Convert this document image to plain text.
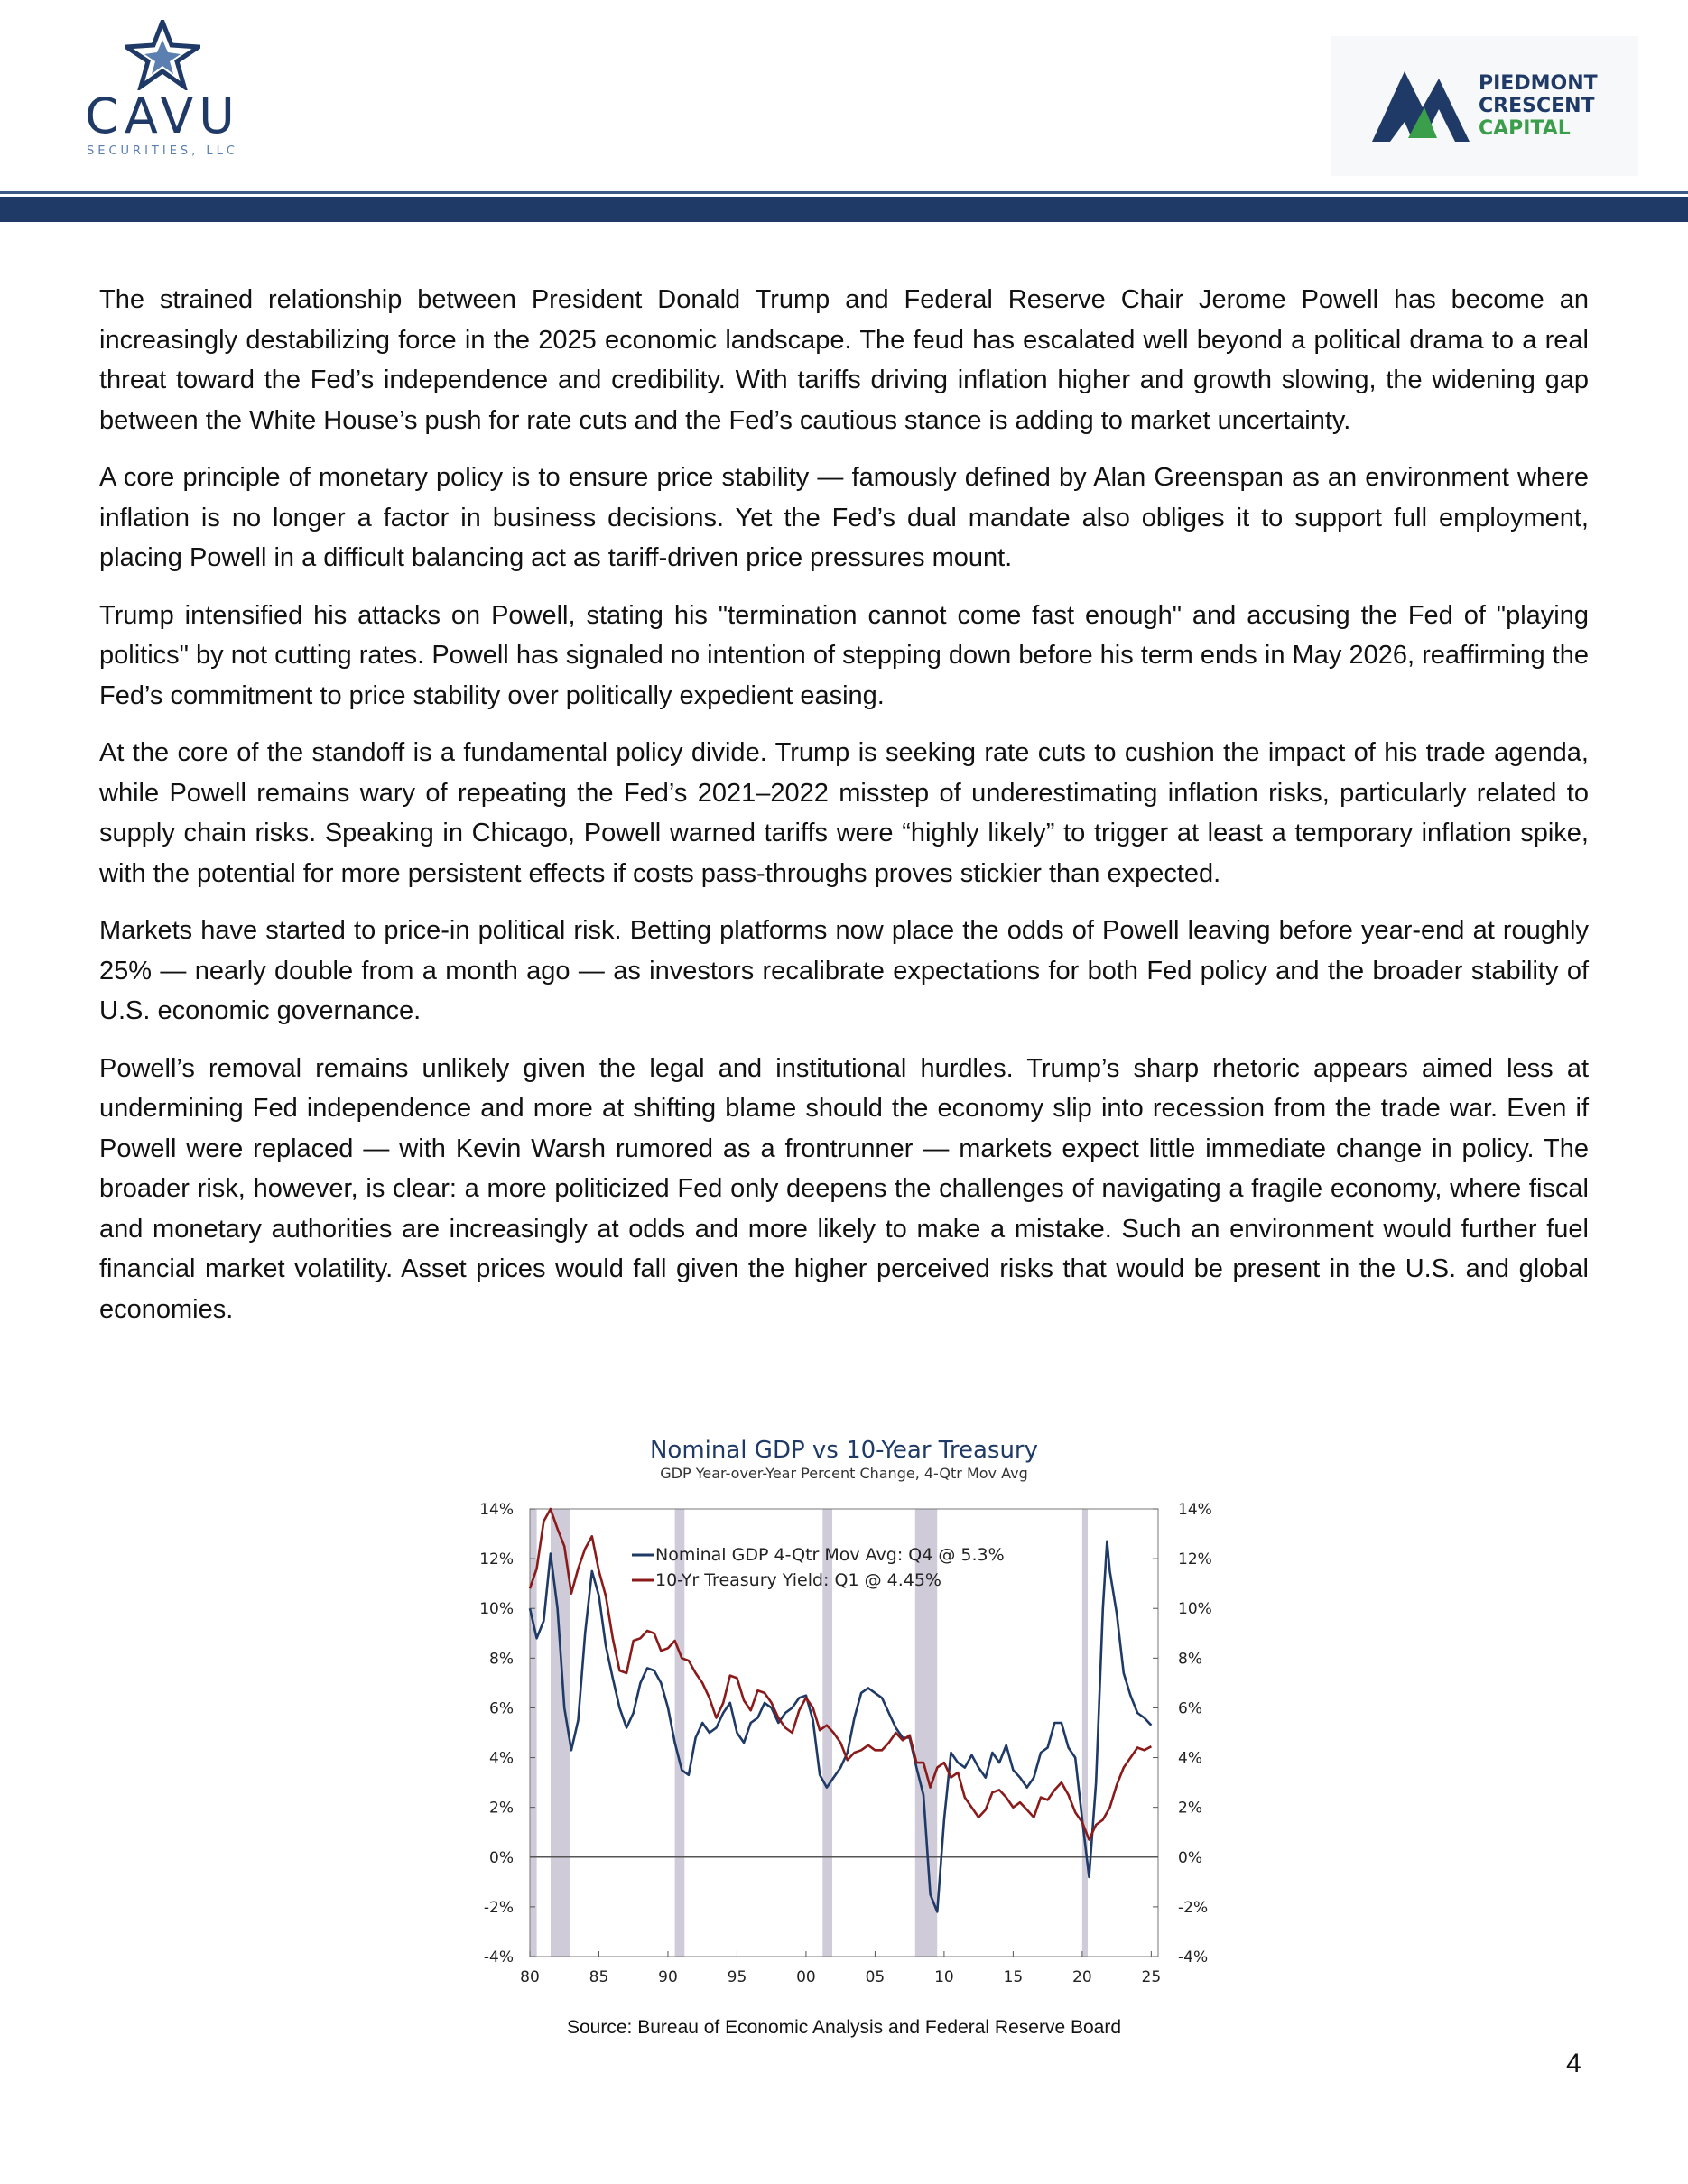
CAVU
SECURITIES, LLC
PIEDMONT
CRESCENT
CAPITAL

The strained relationship between President Donald Trump and Federal Reserve Chair Jerome Powell has become an increasingly destabilizing force in the 2025 economic landscape. The feud has escalated well beyond a political drama to a real threat toward the Fed’s independence and credibility. With tariffs driving inflation higher and growth slowing, the widening gap between the White House’s push for rate cuts and the Fed’s cautious stance is adding to market uncertainty.

A core principle of monetary policy is to ensure price stability — famously defined by Alan Greenspan as an environment where inflation is no longer a factor in business decisions. Yet the Fed’s dual mandate also obliges it to support full employment, placing Powell in a difficult balancing act as tariff-driven price pressures mount.

Trump intensified his attacks on Powell, stating his "termination cannot come fast enough" and accusing the Fed of "playing politics" by not cutting rates. Powell has signaled no intention of stepping down before his term ends in May 2026, reaffirming the Fed’s commitment to price stability over politically expedient easing.

At the core of the standoff is a fundamental policy divide. Trump is seeking rate cuts to cushion the impact of his trade agenda, while Powell remains wary of repeating the Fed’s 2021–2022 misstep of underestimating inflation risks, particularly related to supply chain risks. Speaking in Chicago, Powell warned tariffs were “highly likely” to trigger at least a temporary inflation spike, with the potential for more persistent effects if costs pass-throughs proves stickier than expected.

Markets have started to price-in political risk. Betting platforms now place the odds of Powell leaving before year-end at roughly 25% — nearly double from a month ago — as investors recalibrate expectations for both Fed policy and the broader stability of U.S. economic governance.

Powell’s removal remains unlikely given the legal and institutional hurdles. Trump’s sharp rhetoric appears aimed less at undermining Fed independence and more at shifting blame should the economy slip into recession from the trade war. Even if Powell were replaced — with Kevin Warsh rumored as a frontrunner — markets expect little immediate change in policy. The broader risk, however, is clear: a more politicized Fed only deepens the challenges of navigating a fragile economy, where fiscal and monetary authorities are increasingly at odds and more likely to make a mistake. Such an environment would further fuel financial market volatility. Asset prices would fall given the higher perceived risks that would be present in the U.S. and global economies.

Nominal GDP vs 10-Year Treasury
GDP Year-over-Year Percent Change, 4-Qtr Mov Avg
14%	14%
12%	12%
10%	10%
8%	8%
6%	6%
4%	4%
2%	2%
0%	0%
-2%	-2%
-4%	-4%
80	85	90	95	00	05	10	15	20	25
Nominal GDP 4-Qtr Mov Avg: Q4 @ 5.3%
10-Yr Treasury Yield: Q1 @ 4.45%
Source: Bureau of Economic Analysis and Federal Reserve Board
4
